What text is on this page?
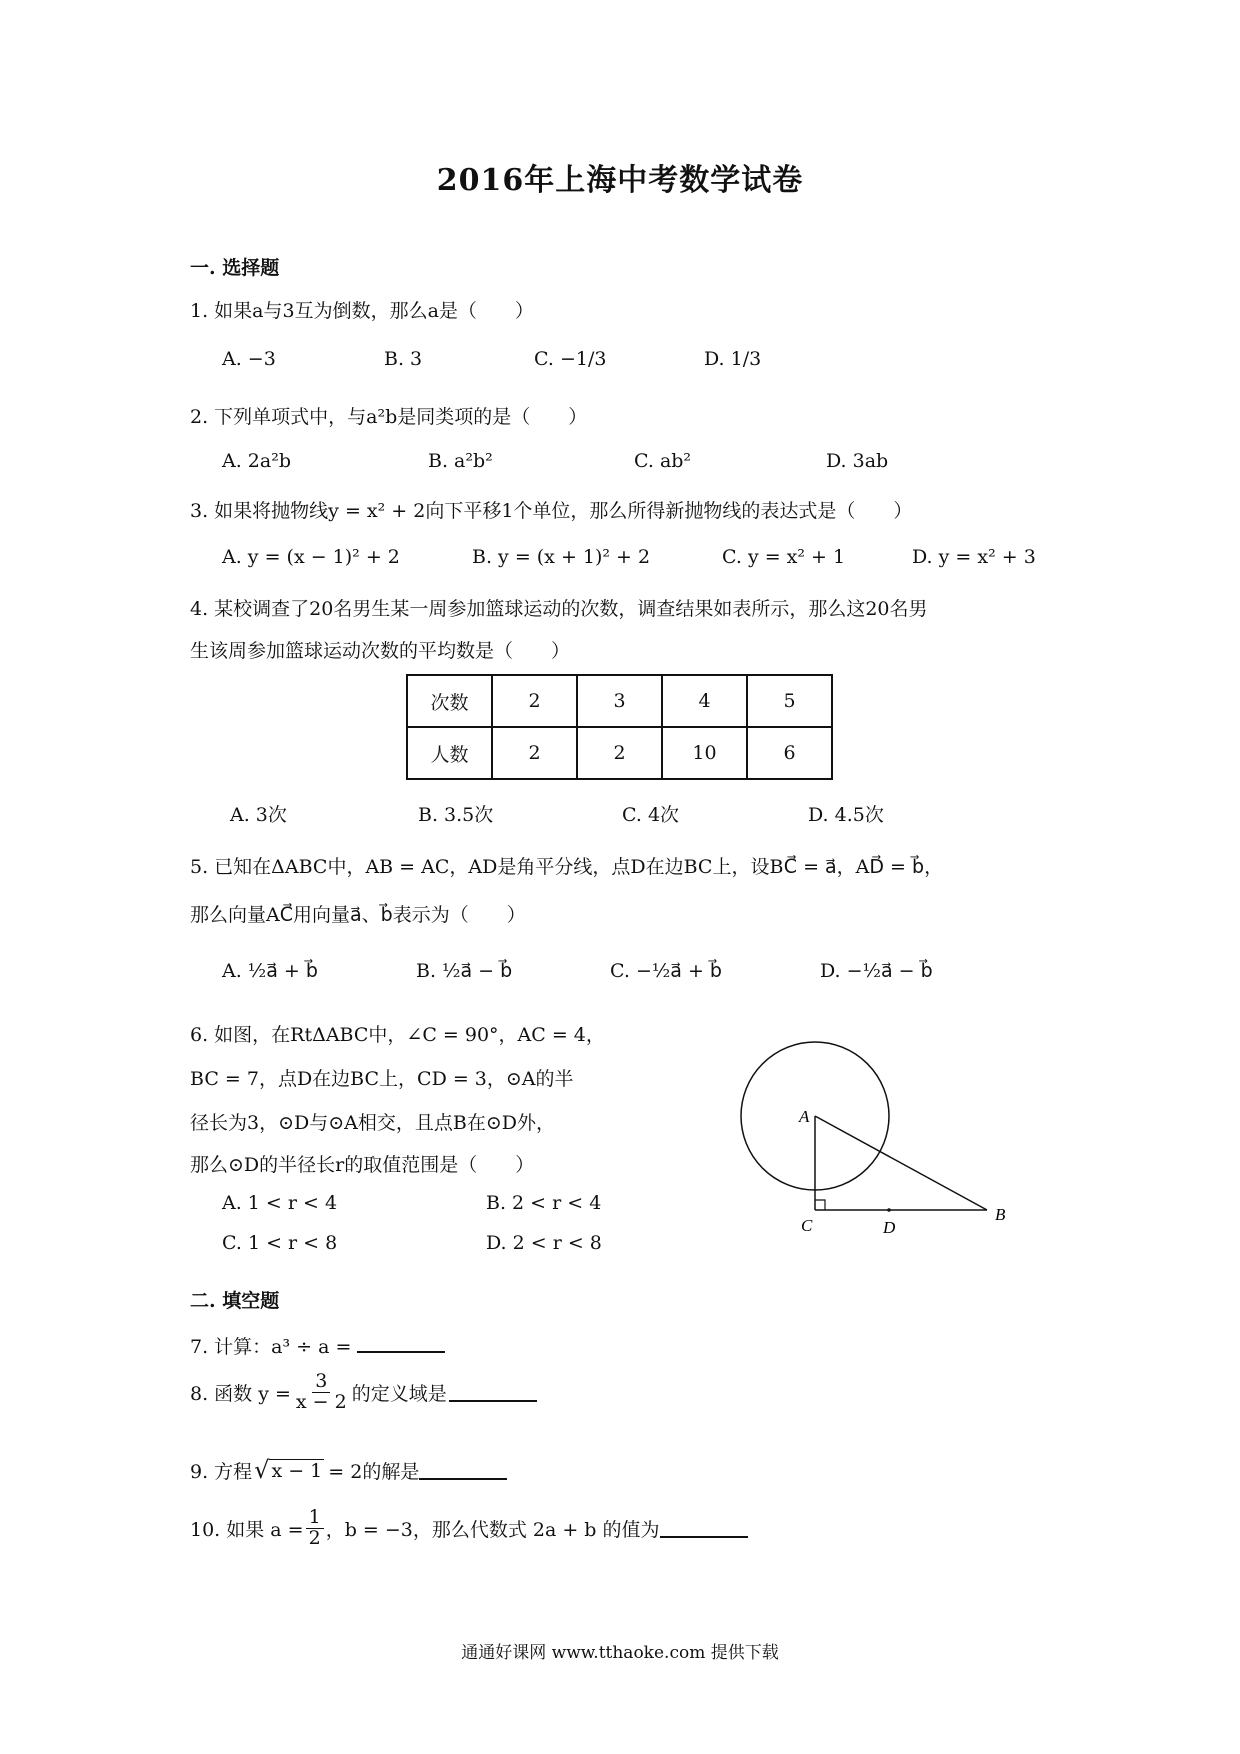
2016年上海中考数学试卷
一. 选择题
1. 如果a与3互为倒数，那么a是（　　）
A. −3	B. 3	C. −1/3	D. 1/3
2. 下列单项式中，与a²b是同类项的是（　　）
A. 2a²b	B. a²b²	C. ab²	D. 3ab
3. 如果将抛物线y = x² + 2向下平移1个单位，那么所得新抛物线的表达式是（　　）
A. y = (x − 1)² + 2	B. y = (x + 1)² + 2	C. y = x² + 1	D. y = x² + 3
4. 某校调查了20名男生某一周参加篮球运动的次数，调查结果如表所示，那么这20名男
生该周参加篮球运动次数的平均数是（　　）
次数	2	3	4	5
人数	2	2	10	6
A. 3次	B. 3.5次	C. 4次	D. 4.5次
5. 已知在ΔABC中，AB = AC，AD是角平分线，点D在边BC上，设BC⃗ = a⃗，AD⃗ = b⃗，
那么向量AC⃗用向量a⃗、b⃗表示为（　　）
A. ½a⃗ + b⃗	B. ½a⃗ − b⃗	C. −½a⃗ + b⃗	D. −½a⃗ − b⃗
6. 如图，在RtΔABC中，∠C = 90°，AC = 4，
BC = 7，点D在边BC上，CD = 3，⊙A的半
径长为3，⊙D与⊙A相交，且点B在⊙D外，
那么⊙D的半径长r的取值范围是（　　）
A. 1 < r < 4	B. 2 < r < 4
C. 1 < r < 8	D. 2 < r < 8
A
C	D
B
二. 填空题
7. 计算：a³ ÷ a =
8. 函数 $y = \frac{3}{x - 2}$ 的定义域是
9. 方程 √ x − 1 = 2的解是
10. 如果 $a = \frac{1}{2}$ ，b = −3，那么代数式 2a + b 的值为
通通好课网 www.tthaoke.com 提供下载
